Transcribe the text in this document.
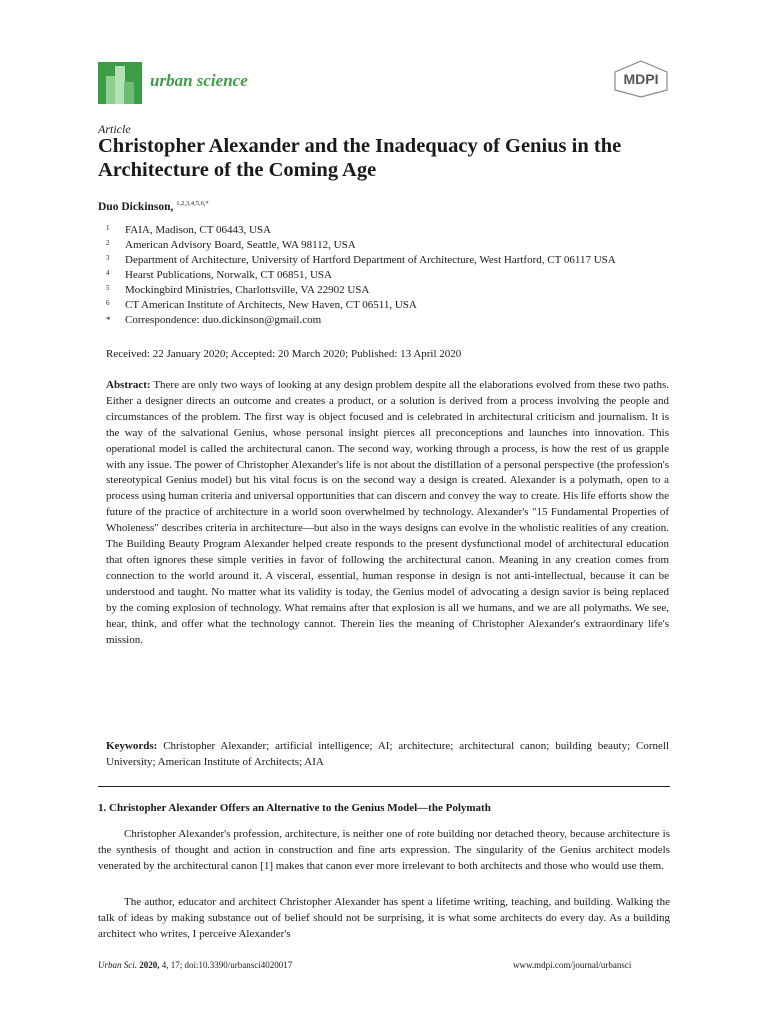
urban science	MDPI
Article
Christopher Alexander and the Inadequacy of Genius in the Architecture of the Coming Age
Duo Dickinson, $^{1,2,3,4,5,6,*}$
1 FAIA, Madison, CT 06443, USA
2 American Advisory Board, Seattle, WA 98112, USA
3 Department of Architecture, University of Hartford Department of Architecture, West Hartford, CT 06117 USA
4 Hearst Publications, Norwalk, CT 06851, USA
5 Mockingbird Ministries, Charlottsville, VA 22902 USA
6 CT American Institute of Architects, New Haven, CT 06511, USA
* Correspondence: duo.dickinson@gmail.com
Received: 22 January 2020; Accepted: 20 March 2020; Published: 13 April 2020
Abstract: There are only two ways of looking at any design problem despite all the elaborations evolved from these two paths. Either a designer directs an outcome and creates a product, or a solution is derived from a process involving the people and circumstances of the problem. The first way is object focused and is celebrated in architectural criticism and journalism. It is the way of the salvational Genius, whose personal insight pierces all preconceptions and launches into innovation. This operational model is called the architectural canon. The second way, working through a process, is how the rest of us grapple with any issue. The power of Christopher Alexander's life is not about the distillation of a personal perspective (the profession's stereotypical Genius model) but his vital focus is on the second way a design is created. Alexander is a polymath, open to a process using human criteria and universal opportunities that can discern and convey the way to create. His life efforts show the future of the practice of architecture in a world soon overwhelmed by technology. Alexander's "15 Fundamental Properties of Wholeness" describes criteria in architecture—but also in the ways designs can evolve in the wholistic realities of any creation. The Building Beauty Program Alexander helped create responds to the present dysfunctional model of architectural education that often ignores these simple verities in favor of following the architectural canon. Meaning in any creation comes from connection to the world around it. A visceral, essential, human response in design is not anti-intellectual, because it can be understood and taught. No matter what its validity is today, the Genius model of advocating a design savior is being replaced by the coming explosion of technology. What remains after that explosion is all we humans, and we are all polymaths. We see, hear, think, and offer what the technology cannot. Therein lies the meaning of Christopher Alexander's extraordinary life's mission.
Keywords: Christopher Alexander; artificial intelligence; AI; architecture; architectural canon; building beauty; Cornell University; American Institute of Architects; AIA
1. Christopher Alexander Offers an Alternative to the Genius Model—the Polymath

Christopher Alexander's profession, architecture, is neither one of rote building nor detached theory, because architecture is the synthesis of thought and action in construction and fine arts expression. The singularity of the Genius architect models venerated by the architectural canon [1] makes that canon ever more irrelevant to both architects and those who would use them.

The author, educator and architect Christopher Alexander has spent a lifetime writing, teaching, and building. Walking the talk of ideas by making substance out of belief should not be surprising, it is what some architects do every day. As a building architect who writes, I perceive Alexander's

Urban Sci. 2020, 4, 17; doi:10.3390/urbansci4020017	www.mdpi.com/journal/urbansci
